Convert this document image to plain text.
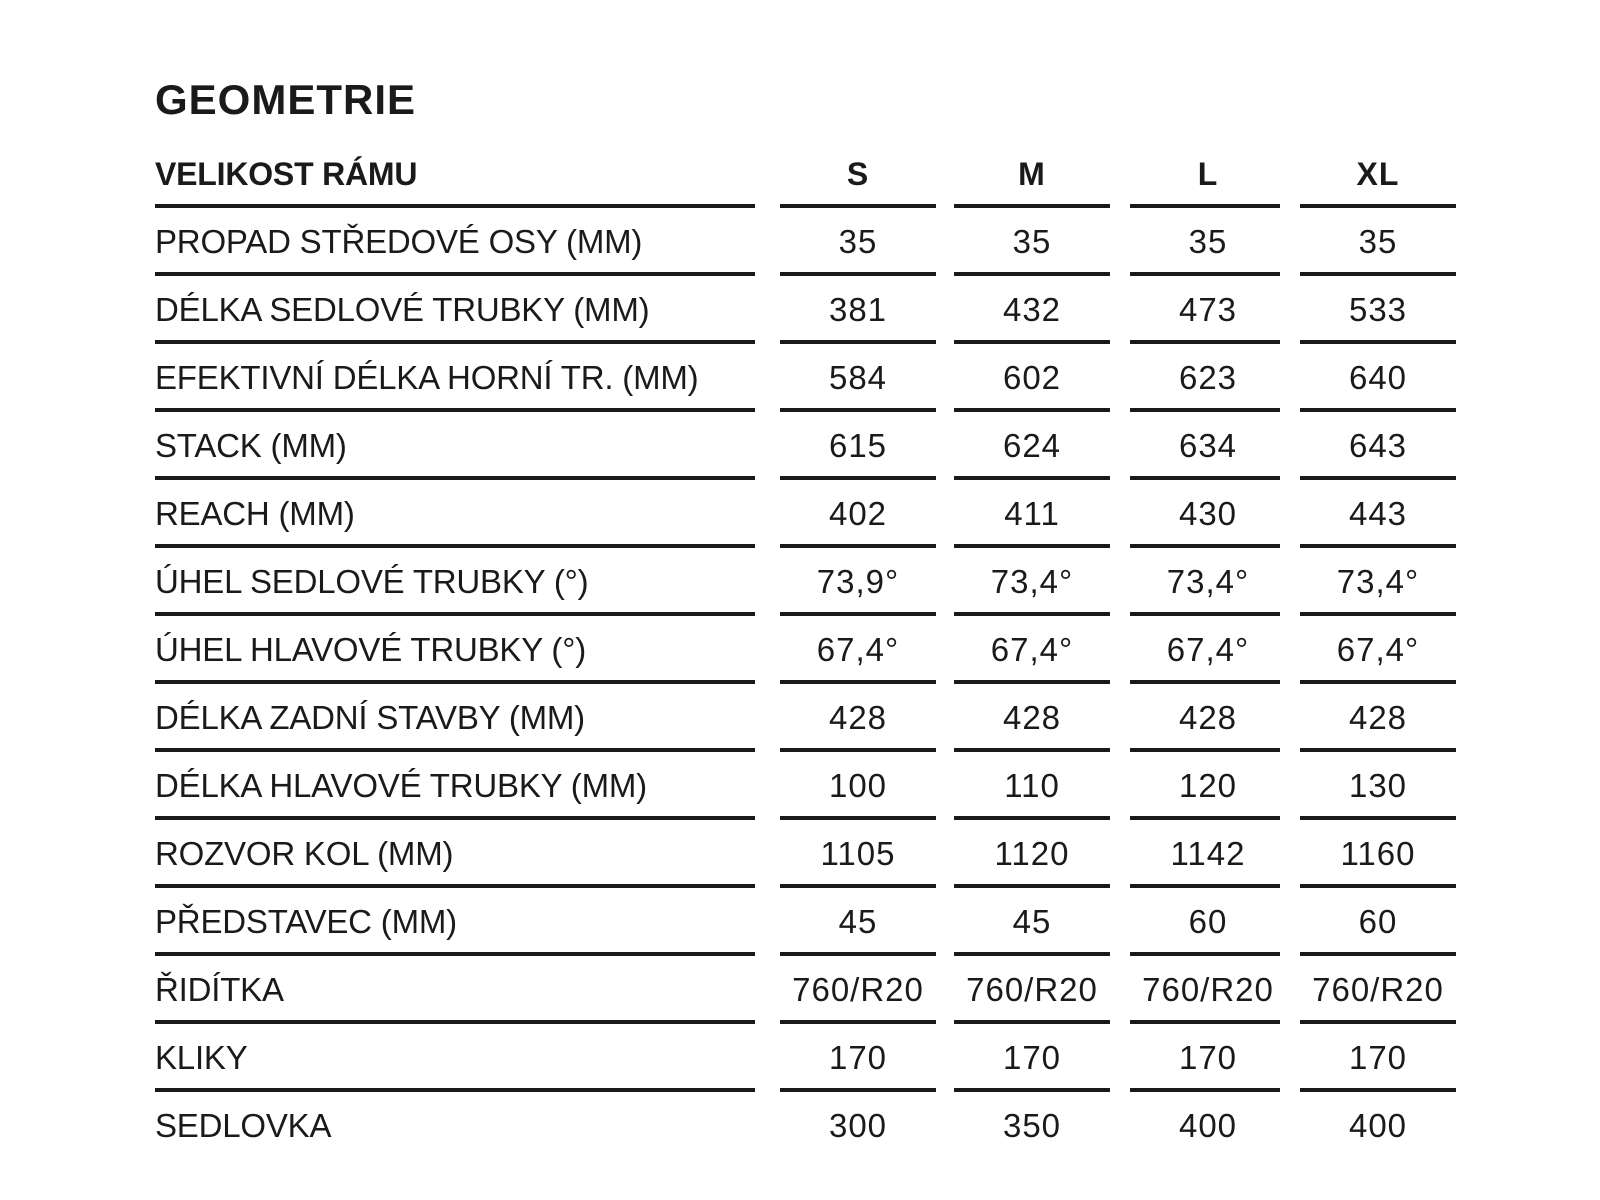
GEOMETRIE
VELIKOST RÁMU	S	M	L	XL
PROPAD STŘEDOVÉ OSY (MM)	35	35	35	35
DÉLKA SEDLOVÉ TRUBKY (MM)	381	432	473	533
EFEKTIVNÍ DÉLKA HORNÍ TR. (MM)	584	602	623	640
STACK (MM)	615	624	634	643
REACH (MM)	402	411	430	443
ÚHEL SEDLOVÉ TRUBKY (°)	73,9°	73,4°	73,4°	73,4°
ÚHEL HLAVOVÉ TRUBKY (°)	67,4°	67,4°	67,4°	67,4°
DÉLKA ZADNÍ STAVBY (MM)	428	428	428	428
DÉLKA HLAVOVÉ TRUBKY (MM)	100	110	120	130
ROZVOR KOL (MM)	1105	1120	1142	1160
PŘEDSTAVEC (MM)	45	45	60	60
ŘIDÍTKA	760/R20	760/R20	760/R20	760/R20
KLIKY	170	170	170	170
SEDLOVKA	300	350	400	400
